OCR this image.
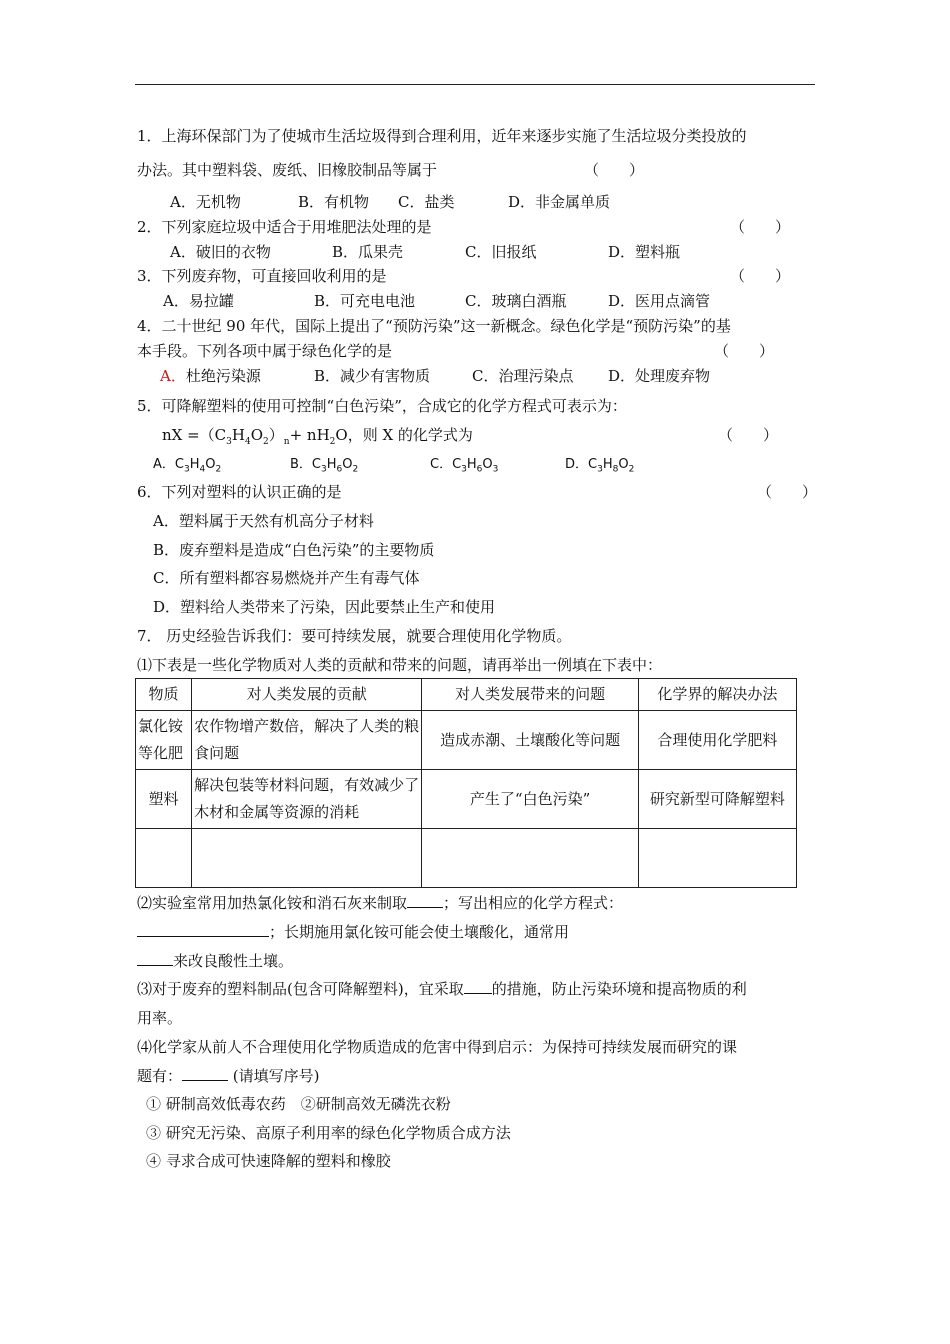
1．上海环保部门为了使城市生活垃圾得到合理利用，近年来逐步实施了生活垃圾分类投放的
办法。其中塑料袋、废纸、旧橡胶制品等属于	（　　）
A．无机物	B．有机物 C．盐类	D．非金属单质
2．下列家庭垃圾中适合于用堆肥法处理的是	（　　）
A．破旧的衣物	B．瓜果壳	C．旧报纸	D．塑料瓶
3．下列废弃物，可直接回收利用的是	（　　）
A．易拉罐	B．可充电电池	C．玻璃白酒瓶	D．医用点滴管
4．二十世纪 90 年代，国际上提出了“预防污染”这一新概念。绿色化学是“预防污染”的基
本手段。下列各项中属于绿色化学的是	（　　）
A．杜绝污染源	B．减少有害物质	C．治理污染点 D．处理废弃物
5．可降解塑料的使用可控制“白色污染”，合成它的化学方程式可表示为：
nX $=(C_3H_4O_2)_n+ nH_2O$，则 X 的化学式为	（　　）
A．$C_3H_4O_2$	B．$C_3H_6O_2$	C．$C_3H_6O_3$	D．$C_3H_8O_2$
6．下列对塑料的认识正确的是	（　　）
A．塑料属于天然有机高分子材料
B．废弃塑料是造成“白色污染”的主要物质
C．所有塑料都容易燃烧并产生有毒气体
D．塑料给人类带来了污染，因此要禁止生产和使用
7． 历史经验告诉我们：要可持续发展，就要合理使用化学物质。
⑴下表是一些化学物质对人类的贡献和带来的问题，请再举出一例填在下表中：
物质	对人类发展的贡献	对人类发展带来的问题	化学界的解决办法
氯化铵等化肥	农作物增产数倍，解决了人类的粮食问题	造成赤潮、土壤酸化等问题	合理使用化学肥料
塑料	解决包装等材料问题，有效减少了木材和金属等资源的消耗	产生了“白色污染”	研究新型可降解塑料

⑵实验室常用加热氯化铵和消石灰来制取 ；写出相应的化学方程式：
；长期施用氯化铵可能会使土壤酸化，通常用
来改良酸性土壤。
⑶对于废弃的塑料制品(包含可降解塑料)，宜采取 的措施，防止污染环境和提高物质的利
用率。
⑷化学家从前人不合理使用化学物质造成的危害中得到启示：为保持可持续发展而研究的课
题有：	(请填写序号)
① 研制高效低毒农药　②研制高效无磷洗衣粉
③ 研究无污染、高原子利用率的绿色化学物质合成方法
④ 寻求合成可快速降解的塑料和橡胶
